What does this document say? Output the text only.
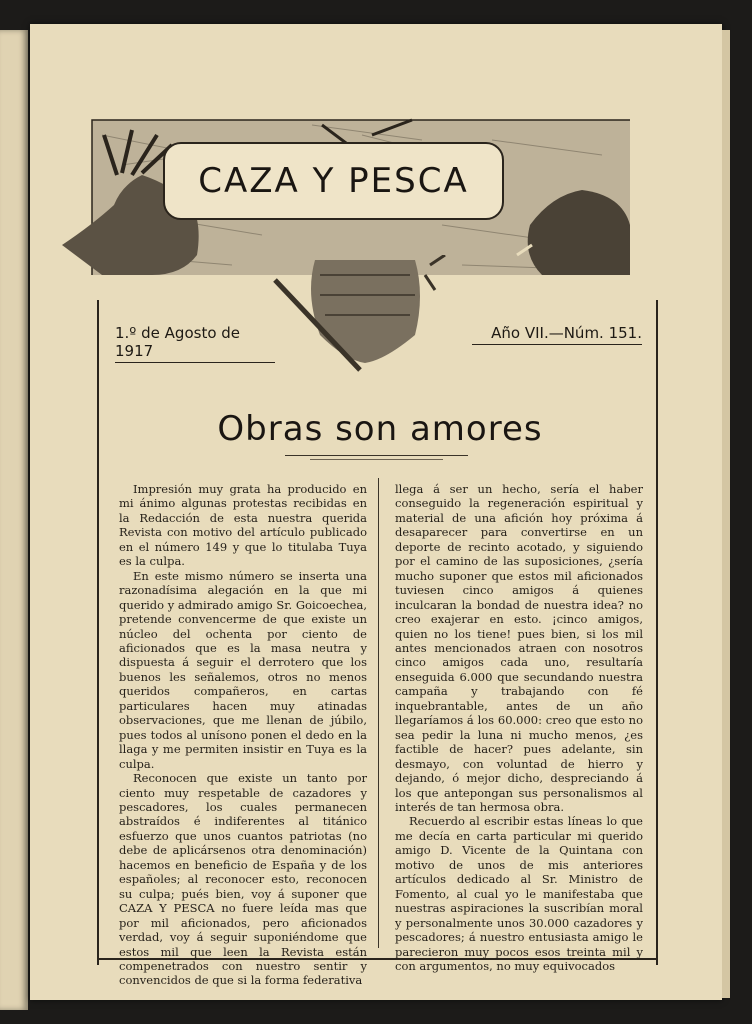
CAZA Y PESCA
1.º de Agosto de 1917
Año VII.—Núm. 151.
Obras son amores

Impresión muy grata ha producido en mi ánimo algunas protestas recibidas en la Redacción de esta nuestra querida Revista con motivo del artículo publicado en el número 149 y que lo titulaba Tuya es la culpa.

En este mismo número se inserta una razonadísima alegación en la que mi querido y admirado amigo Sr. Goicoechea, pretende convencerme de que existe un núcleo del ochenta por ciento de aficionados que es la masa neutra y dispuesta á seguir el derrotero que los buenos les señalemos, otros no menos queridos compañeros, en cartas particulares hacen muy atinadas observaciones, que me llenan de júbilo, pues todos al unísono ponen el dedo en la llaga y me permiten insistir en Tuya es la culpa.

Reconocen que existe un tanto por ciento muy respetable de cazadores y pescadores, los cuales permanecen abstraídos é indiferentes al titánico esfuerzo que unos cuantos patriotas (no debe de aplicársenos otra denominación) hacemos en beneficio de España y de los españoles; al reconocer esto, reconocen su culpa; pués bien, voy á suponer que CAZA Y PESCA no fuere leída mas que por mil aficionados, pero aficionados verdad, voy á seguir suponiéndome que estos mil que leen la Revista están compenetrados con nuestro sentir y convencidos de que si la forma federativa

llega á ser un hecho, sería el haber conseguido la regeneración espiritual y material de una afición hoy próxima á desaparecer para convertirse en un deporte de recinto acotado, y siguiendo por el camino de las suposiciones, ¿sería mucho suponer que estos mil aficionados tuviesen cinco amigos á quienes inculcaran la bondad de nuestra idea? no creo exajerar en esto. ¡cinco amigos, quien no los tiene! pues bien, si los mil antes mencionados atraen con nosotros cinco amigos cada uno, resultaría enseguida 6.000 que secundando nuestra campaña y trabajando con fé inquebrantable, antes de un año llegaríamos á los 60.000: creo que esto no sea pedir la luna ni mucho menos, ¿es factible de hacer? pues adelante, sin desmayo, con voluntad de hierro y dejando, ó mejor dicho, despreciando á los que antepongan sus personalismos al interés de tan hermosa obra.

Recuerdo al escribir estas líneas lo que me decía en carta particular mi querido amigo D. Vicente de la Quintana con motivo de unos de mis anteriores artículos dedicado al Sr. Ministro de Fomento, al cual yo le manifestaba que nuestras aspiraciones la suscribían moral y personalmente unos 30.000 cazadores y pescadores; á nuestro entusiasta amigo le parecieron muy pocos esos treinta mil y con argumentos, no muy equivocados
